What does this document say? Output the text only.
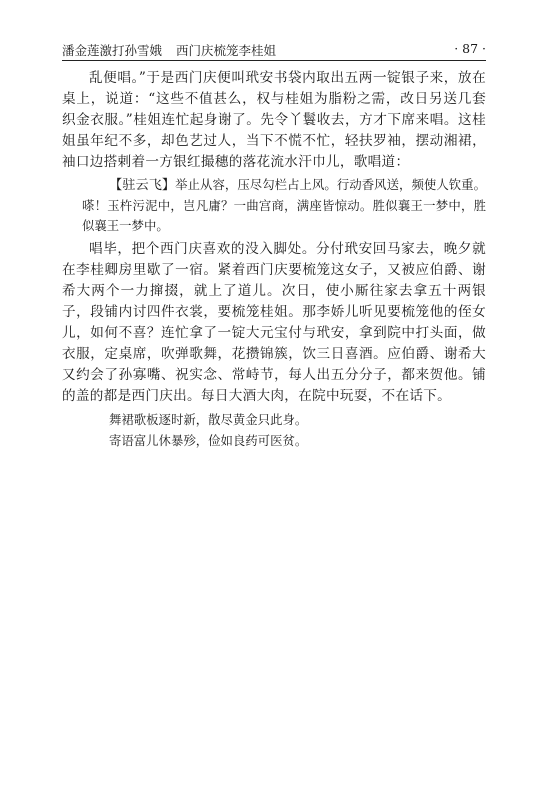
潘金莲激打孙雪娥 西门庆梳笼李桂姐	· 87 ·

乱便唱。”于是西门庆便叫玳安书袋内取出五两一锭银子来，放在桌上，说道：“这些不值甚么，权与桂姐为脂粉之需，改日另送几套织金衣服。”桂姐连忙起身谢了。先令丫鬟收去，方才下席来唱。这桂姐虽年纪不多，却色艺过人，当下不慌不忙，轻扶罗袖，摆动湘裙，袖口边搭剌着一方银红撮穗的落花流水汗巾儿，歌唱道：

【驻云飞】举止从容，压尽勾栏占上风。行动香风送，频使人钦重。嗏！玉杵污泥中，岂凡庸？一曲宫商，满座皆惊动。胜似襄王一梦中，胜似襄王一梦中。

唱毕，把个西门庆喜欢的没入脚处。分付玳安回马家去，晚夕就在李桂卿房里歇了一宿。紧着西门庆要梳笼这女子，又被应伯爵、谢希大两个一力撺掇，就上了道儿。次日，使小厮往家去拿五十两银子，段铺内讨四件衣裳，要梳笼桂姐。那李娇儿听见要梳笼他的侄女儿，如何不喜？连忙拿了一锭大元宝付与玳安，拿到院中打头面，做衣服，定桌席，吹弹歌舞，花攒锦簇，饮三日喜酒。应伯爵、谢希大又约会了孙寡嘴、祝实念、常峙节，每人出五分分子，都来贺他。铺的盖的都是西门庆出。每日大酒大肉，在院中玩耍，不在话下。

舞裙歌板逐时新，散尽黄金只此身。
寄语富儿休暴殄，俭如良药可医贫。
